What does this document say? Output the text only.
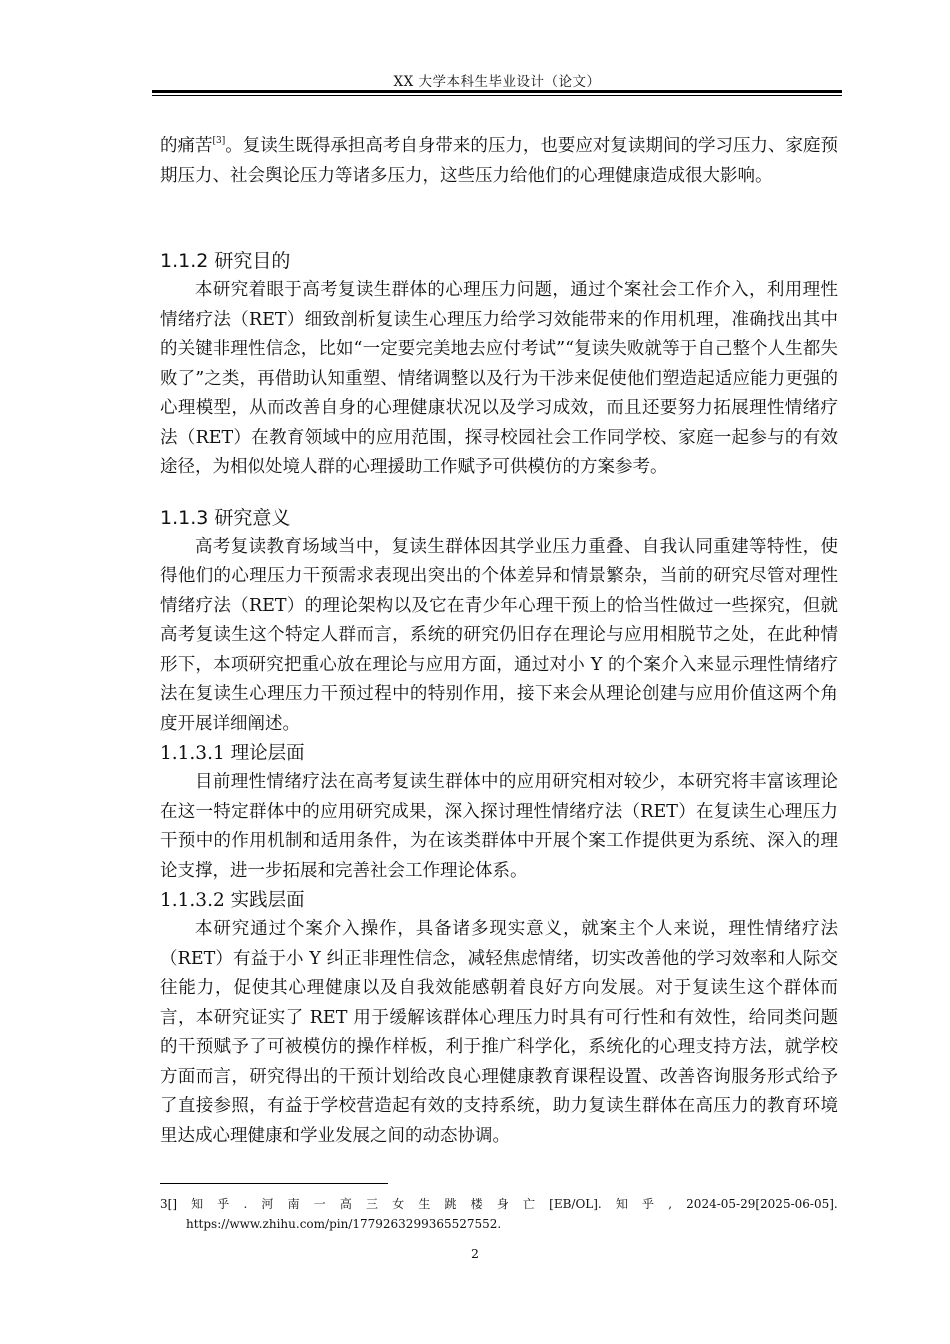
XX 大学本科生毕业设计（论文）

的痛苦[3]。复读生既得承担高考自身带来的压力，也要应对复读期间的学习压力、家庭预期压力、社会舆论压力等诸多压力，这些压力给他们的心理健康造成很大影响。

1.1.2 研究目的

本研究着眼于高考复读生群体的心理压力问题，通过个案社会工作介入，利用理性情绪疗法（RET）细致剖析复读生心理压力给学习效能带来的作用机理，准确找出其中的关键非理性信念，比如“一定要完美地去应付考试”“复读失败就等于自己整个人生都失败了”之类，再借助认知重塑、情绪调整以及行为干涉来促使他们塑造起适应能力更强的心理模型，从而改善自身的心理健康状况以及学习成效，而且还要努力拓展理性情绪疗法（RET）在教育领域中的应用范围，探寻校园社会工作同学校、家庭一起参与的有效途径，为相似处境人群的心理援助工作赋予可供模仿的方案参考。

1.1.3 研究意义

高考复读教育场域当中，复读生群体因其学业压力重叠、自我认同重建等特性，使得他们的心理压力干预需求表现出突出的个体差异和情景繁杂，当前的研究尽管对理性情绪疗法（RET）的理论架构以及它在青少年心理干预上的恰当性做过一些探究，但就高考复读生这个特定人群而言，系统的研究仍旧存在理论与应用相脱节之处，在此种情形下，本项研究把重心放在理论与应用方面，通过对小 Y 的个案介入来显示理性情绪疗法在复读生心理压力干预过程中的特别作用，接下来会从理论创建与应用价值这两个角度开展详细阐述。

1.1.3.1 理论层面

目前理性情绪疗法在高考复读生群体中的应用研究相对较少，本研究将丰富该理论在这一特定群体中的应用研究成果，深入探讨理性情绪疗法（RET）在复读生心理压力干预中的作用机制和适用条件，为在该类群体中开展个案工作提供更为系统、深入的理论支撑，进一步拓展和完善社会工作理论体系。

1.1.3.2 实践层面

本研究通过个案介入操作，具备诸多现实意义，就案主个人来说，理性情绪疗法（RET）有益于小 Y 纠正非理性信念，减轻焦虑情绪，切实改善他的学习效率和人际交往能力，促使其心理健康以及自我效能感朝着良好方向发展。对于复读生这个群体而言，本研究证实了 RET 用于缓解该群体心理压力时具有可行性和有效性，给同类问题的干预赋予了可被模仿的操作样板，利于推广科学化，系统化的心理支持方法，就学校方面而言，研究得出的干预计划给改良心理健康教育课程设置、改善咨询服务形式给予了直接参照，有益于学校营造起有效的支持系统，助力复读生群体在高压力的教育环境里达成心理健康和学业发展之间的动态协调。

3[] 知 乎 . 河 南 一 高 三 女 生 跳 楼 身 亡 [EB/OL]. 知 乎 , 2024-05-29[2025-06-05].
https://www.zhihu.com/pin/1779263299365527552.
2
